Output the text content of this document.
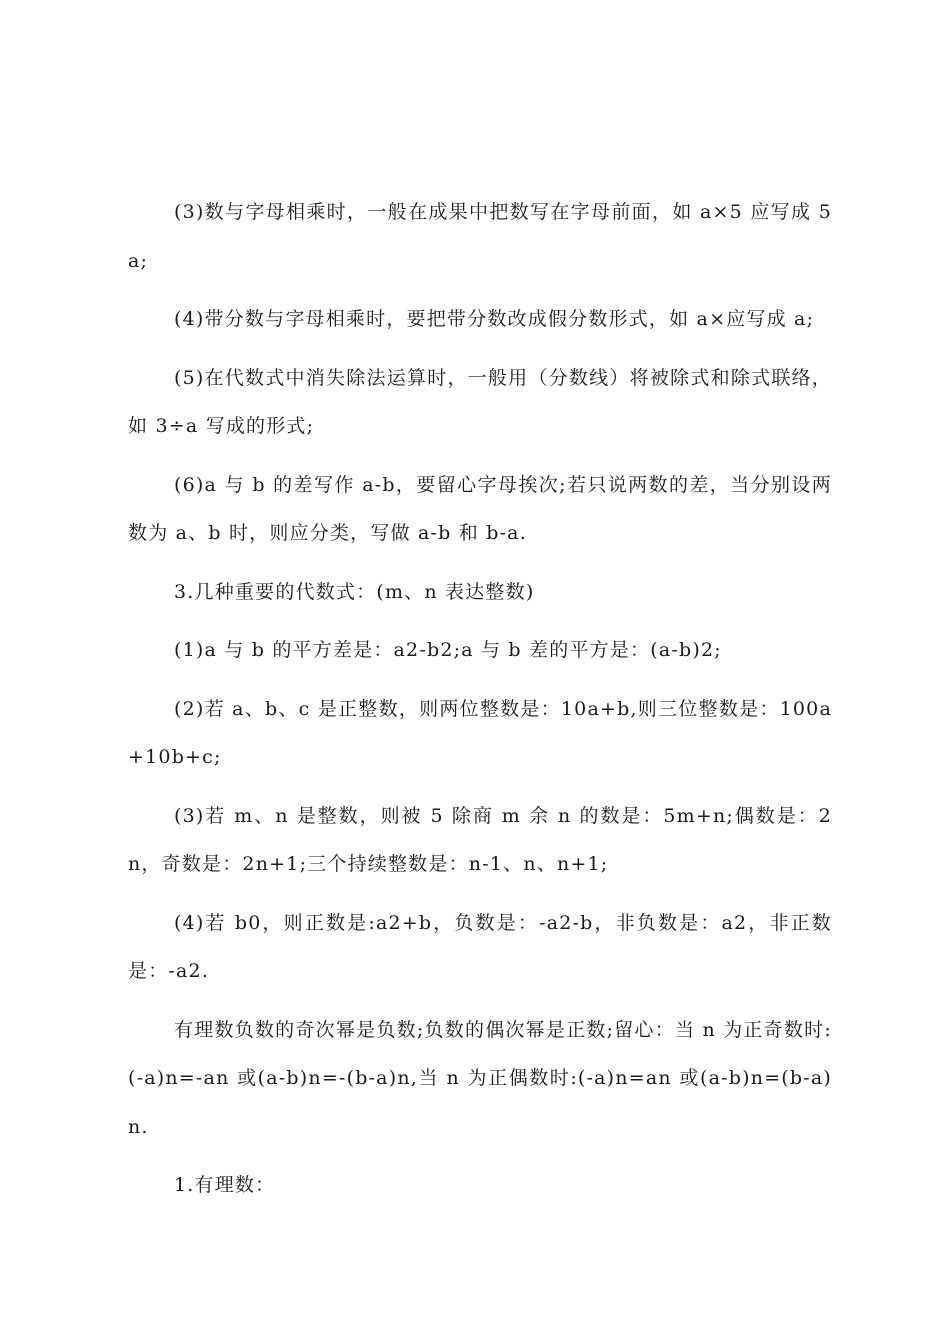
(3)数与字母相乘时，一般在成果中把数写在字母前面，如 a×5 应写成 5a;

(4)带分数与字母相乘时，要把带分数改成假分数形式，如 a×应写成 a;

(5)在代数式中消失除法运算时，一般用（分数线）将被除式和除式联络，如 3÷a 写成的形式;

(6)a 与 b 的差写作 a-b，要留心字母挨次;若只说两数的差，当分别设两数为 a、b 时，则应分类，写做 a-b 和 b-a.

3.几种重要的代数式：(m、n 表达整数)

(1)a 与 b 的平方差是：a2-b2;a 与 b 差的平方是：(a-b)2;

(2)若 a、b、c 是正整数，则两位整数是：10a+b,则三位整数是：100a+10b+c;

(3)若 m、n 是整数，则被 5 除商 m 余 n 的数是：5m+n;偶数是：2n，奇数是：2n+1;三个持续整数是：n-1、n、n+1;

(4)若 b0，则正数是:a2+b，负数是：-a2-b，非负数是：a2，非正数是：-a2.

有理数负数的奇次幂是负数;负数的偶次幂是正数;留心：当 n 为正奇数时:(-a)n=-an 或(a-b)n=-(b-a)n,当 n 为正偶数时:(-a)n=an 或(a-b)n=(b-a)n.

1.有理数：
